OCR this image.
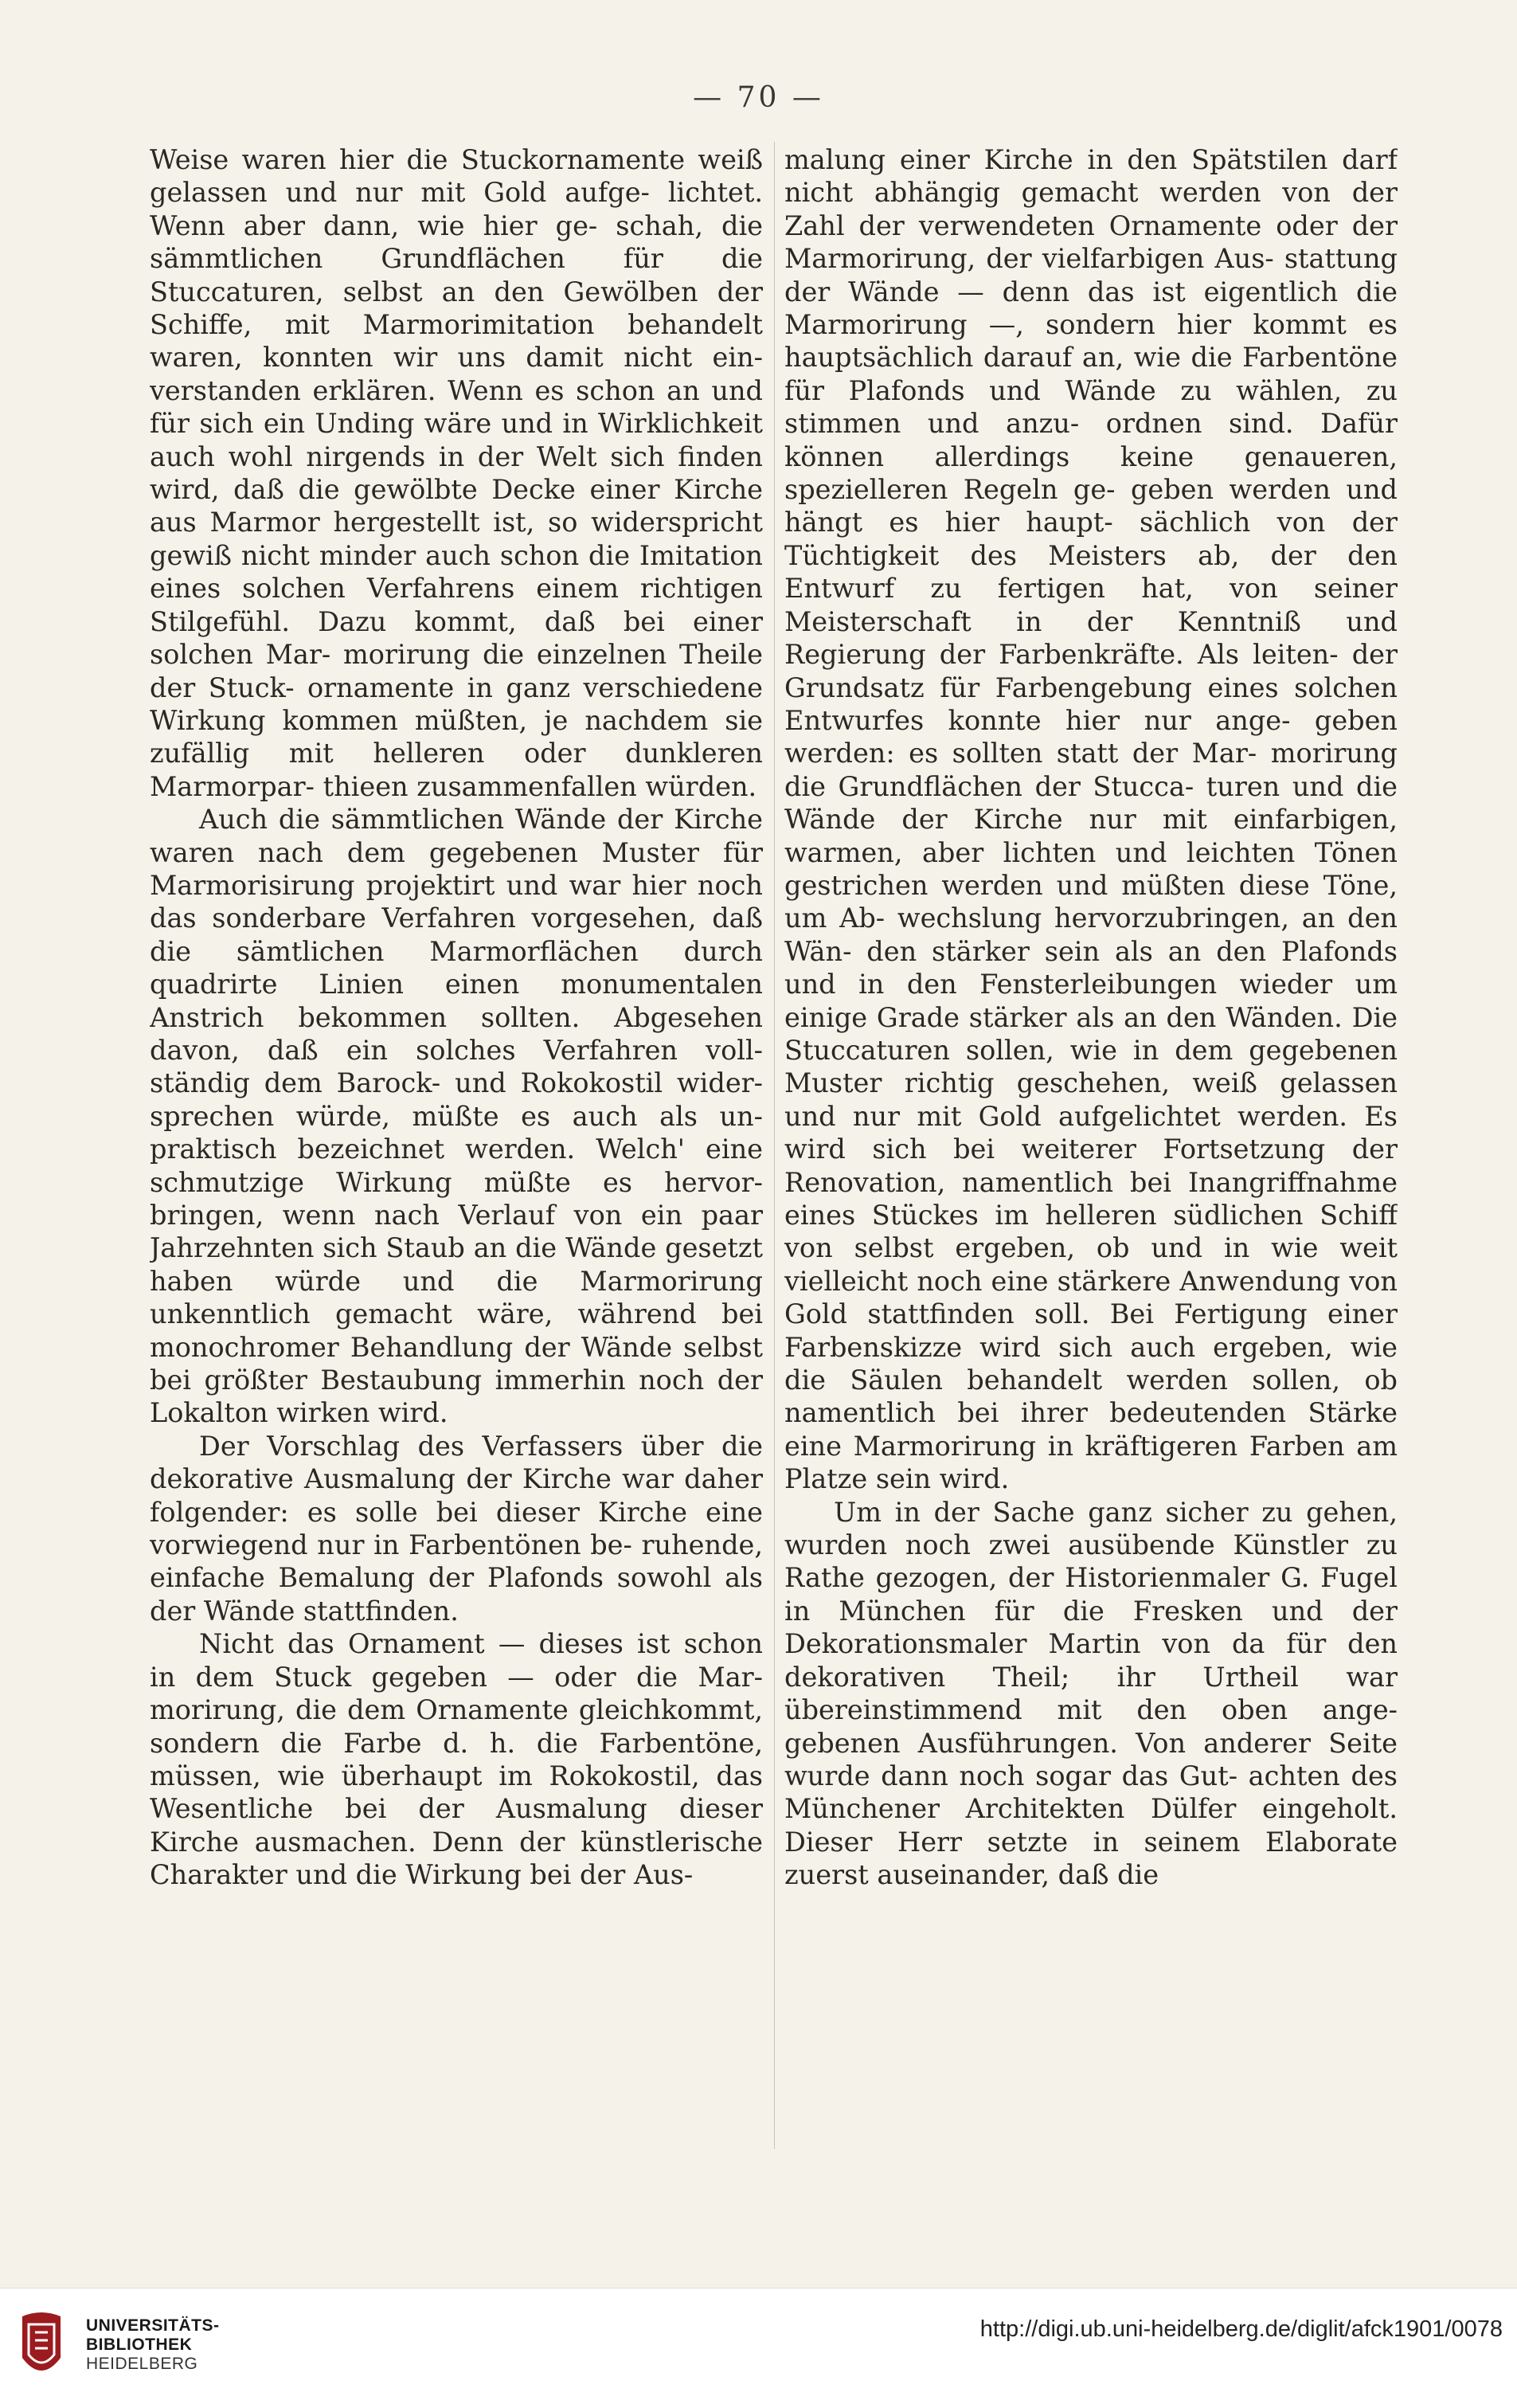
— 70 —

Weise waren hier die Stuckornamente weiß gelassen und nur mit Gold aufge- lichtet. Wenn aber dann, wie hier ge- schah, die sämmtlichen Grundflächen für die Stuccaturen, selbst an den Gewölben der Schiffe, mit Marmorimitation behandelt waren, konnten wir uns damit nicht ein- verstanden erklären. Wenn es schon an und für sich ein Unding wäre und in Wirklichkeit auch wohl nirgends in der Welt sich finden wird, daß die gewölbte Decke einer Kirche aus Marmor hergestellt ist, so widerspricht gewiß nicht minder auch schon die Imitation eines solchen Verfahrens einem richtigen Stilgefühl. Dazu kommt, daß bei einer solchen Mar- morirung die einzelnen Theile der Stuck- ornamente in ganz verschiedene Wirkung kommen müßten, je nachdem sie zufällig mit helleren oder dunkleren Marmorpar- thieen zusammenfallen würden.

Auch die sämmtlichen Wände der Kirche waren nach dem gegebenen Muster für Marmorisirung projektirt und war hier noch das sonderbare Verfahren vorgesehen, daß die sämtlichen Marmorflächen durch quadrirte Linien einen monumentalen Anstrich bekommen sollten. Abgesehen davon, daß ein solches Verfahren voll- ständig dem Barock- und Rokokostil wider- sprechen würde, müßte es auch als un- praktisch bezeichnet werden. Welch' eine schmutzige Wirkung müßte es hervor- bringen, wenn nach Verlauf von ein paar Jahrzehnten sich Staub an die Wände gesetzt haben würde und die Marmorirung unkenntlich gemacht wäre, während bei monochromer Behandlung der Wände selbst bei größter Bestaubung immerhin noch der Lokalton wirken wird.

Der Vorschlag des Verfassers über die dekorative Ausmalung der Kirche war daher folgender: es solle bei dieser Kirche eine vorwiegend nur in Farbentönen be- ruhende, einfache Bemalung der Plafonds sowohl als der Wände stattfinden.

Nicht das Ornament — dieses ist schon in dem Stuck gegeben — oder die Mar- morirung, die dem Ornamente gleichkommt, sondern die Farbe d. h. die Farbentöne, müssen, wie überhaupt im Rokokostil, das Wesentliche bei der Ausmalung dieser Kirche ausmachen. Denn der künstlerische Charakter und die Wirkung bei der Aus-

malung einer Kirche in den Spätstilen darf nicht abhängig gemacht werden von der Zahl der verwendeten Ornamente oder der Marmorirung, der vielfarbigen Aus- stattung der Wände — denn das ist eigentlich die Marmorirung —, sondern hier kommt es hauptsächlich darauf an, wie die Farbentöne für Plafonds und Wände zu wählen, zu stimmen und anzu- ordnen sind. Dafür können allerdings keine genaueren, spezielleren Regeln ge- geben werden und hängt es hier haupt- sächlich von der Tüchtigkeit des Meisters ab, der den Entwurf zu fertigen hat, von seiner Meisterschaft in der Kenntniß und Regierung der Farbenkräfte. Als leiten- der Grundsatz für Farbengebung eines solchen Entwurfes konnte hier nur ange- geben werden: es sollten statt der Mar- morirung die Grundflächen der Stucca- turen und die Wände der Kirche nur mit einfarbigen, warmen, aber lichten und leichten Tönen gestrichen werden und müßten diese Töne, um Ab- wechslung hervorzubringen, an den Wän- den stärker sein als an den Plafonds und in den Fensterleibungen wieder um einige Grade stärker als an den Wänden. Die Stuccaturen sollen, wie in dem gegebenen Muster richtig geschehen, weiß gelassen und nur mit Gold aufgelichtet werden. Es wird sich bei weiterer Fortsetzung der Renovation, namentlich bei Inangriffnahme eines Stückes im helleren südlichen Schiff von selbst ergeben, ob und in wie weit vielleicht noch eine stärkere Anwendung von Gold stattfinden soll. Bei Fertigung einer Farbenskizze wird sich auch ergeben, wie die Säulen behandelt werden sollen, ob namentlich bei ihrer bedeutenden Stärke eine Marmorirung in kräftigeren Farben am Platze sein wird.

Um in der Sache ganz sicher zu gehen, wurden noch zwei ausübende Künstler zu Rathe gezogen, der Historienmaler G. Fugel in München für die Fresken und der Dekorationsmaler Martin von da für den dekorativen Theil; ihr Urtheil war übereinstimmend mit den oben ange- gebenen Ausführungen. Von anderer Seite wurde dann noch sogar das Gut- achten des Münchener Architekten Dülfer eingeholt. Dieser Herr setzte in seinem Elaborate zuerst auseinander, daß die

UNIVERSITÄTS-
BIBLIOTHEK
HEIDELBERG
http://digi.ub.uni-heidelberg.de/diglit/afck1901/0078
